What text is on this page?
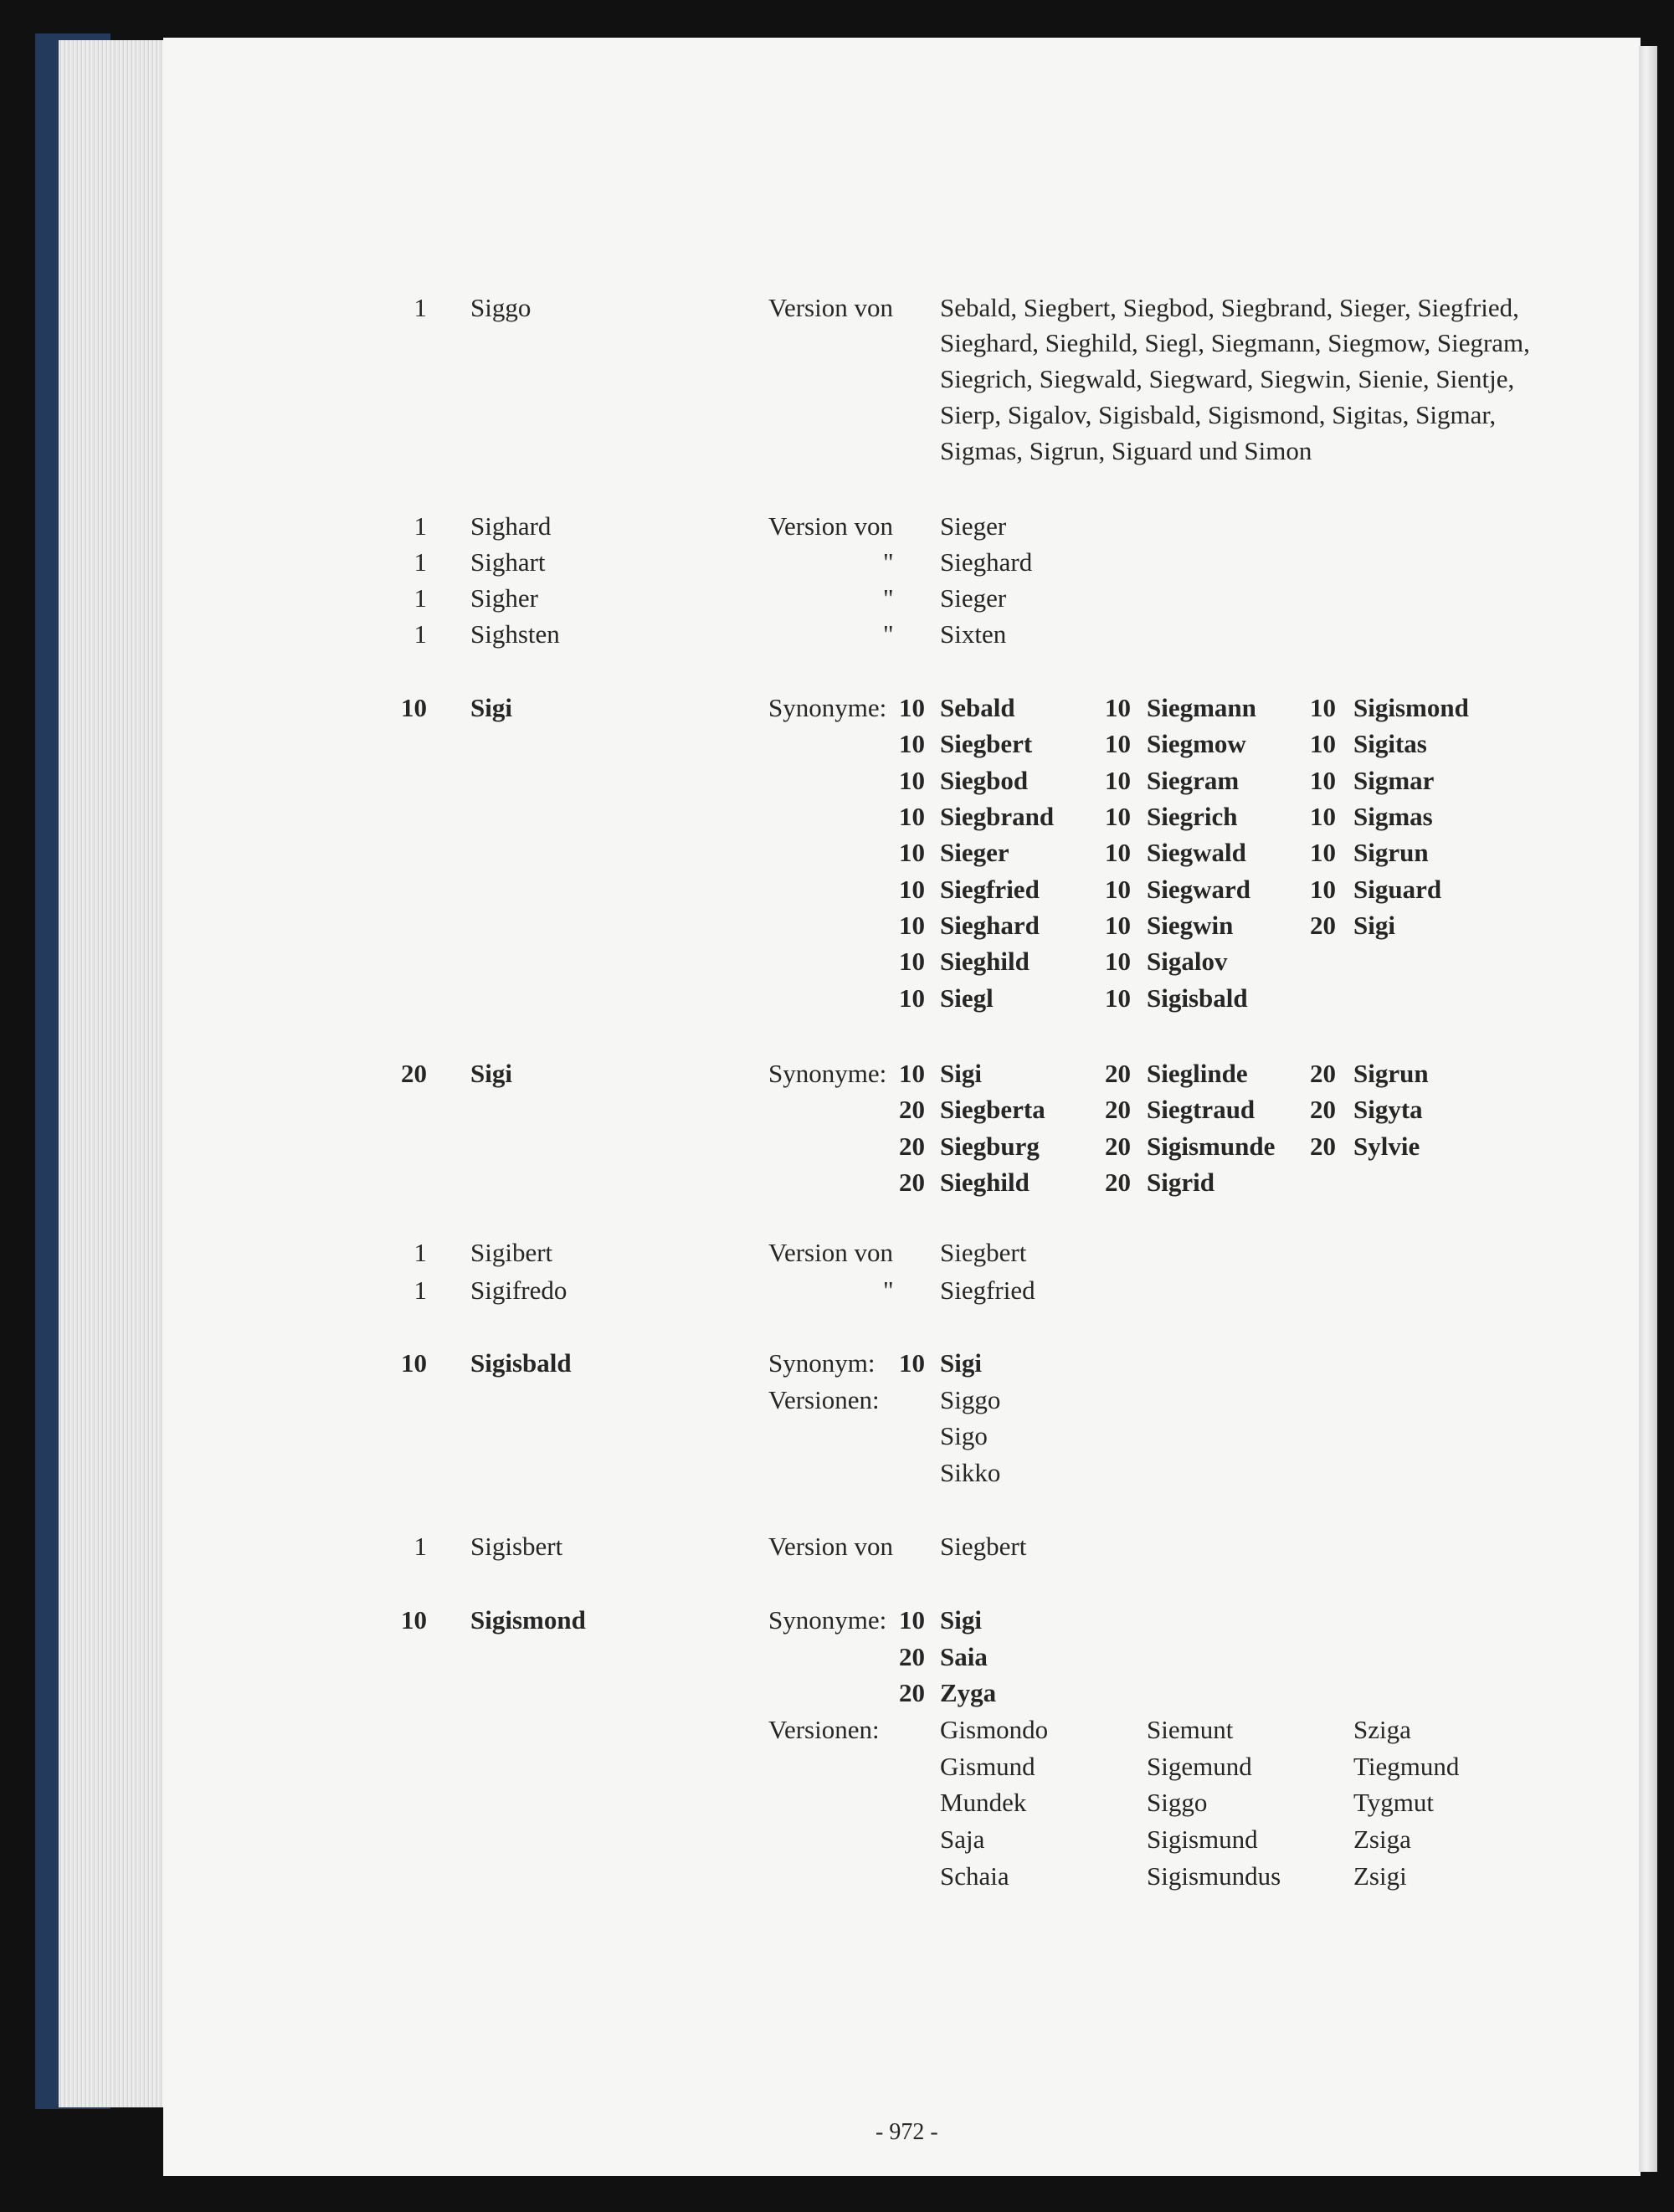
1 Siggo	Version von Sebald, Siegbert, Siegbod, Siegbrand, Sieger, Siegfried,
Sieghard, Sieghild, Siegl, Siegmann, Siegmow, Siegram,
Siegrich, Siegwald, Siegward, Siegwin, Sienie, Sientje,
Sierp, Sigalov, Sigisbald, Sigismond, Sigitas, Sigmar,
Sigmas, Sigrun, Siguard und Simon
1 Sighard	Version von Sieger
1 Sighart	" Sieghard
1 Sigher	" Sieger
1 Sighsten	" Sixten
10 Sigi	Synonyme: 10 Sebald	10 Siegmann	10 Sigismond
10 Siegbert	10 Siegmow	10 Sigitas
10 Siegbod	10 Siegram	10 Sigmar
10 Siegbrand	10 Siegrich	10 Sigmas
10 Sieger	10 Siegwald	10 Sigrun
10 Siegfried	10 Siegward	10 Siguard
10 Sieghard	10 Siegwin	20 Sigi
10 Sieghild	10 Sigalov
10 Siegl	10 Sigisbald
20 Sigi	Synonyme: 10 Sigi	20 Sieglinde	20 Sigrun
20 Siegberta	20 Siegtraud	20 Sigyta
20 Siegburg	20 Sigismunde	20 Sylvie
20 Sieghild	20 Sigrid
1 Sigibert	Version von Siegbert
1 Sigifredo	" Siegfried
10 Sigisbald	Synonym: 10 Sigi
Versionen: Siggo
Sigo
Sikko
1 Sigisbert	Version von Siegbert
10 Sigismond	Synonyme: 10 Sigi
20 Saia
20 Zyga
Versionen: Gismondo	Siemunt	Sziga
Gismund	Sigemund	Tiegmund
Mundek	Siggo	Tygmut
Saja	Sigismund	Zsiga
Schaia	Sigismundus	Zsigi
- 972 -
